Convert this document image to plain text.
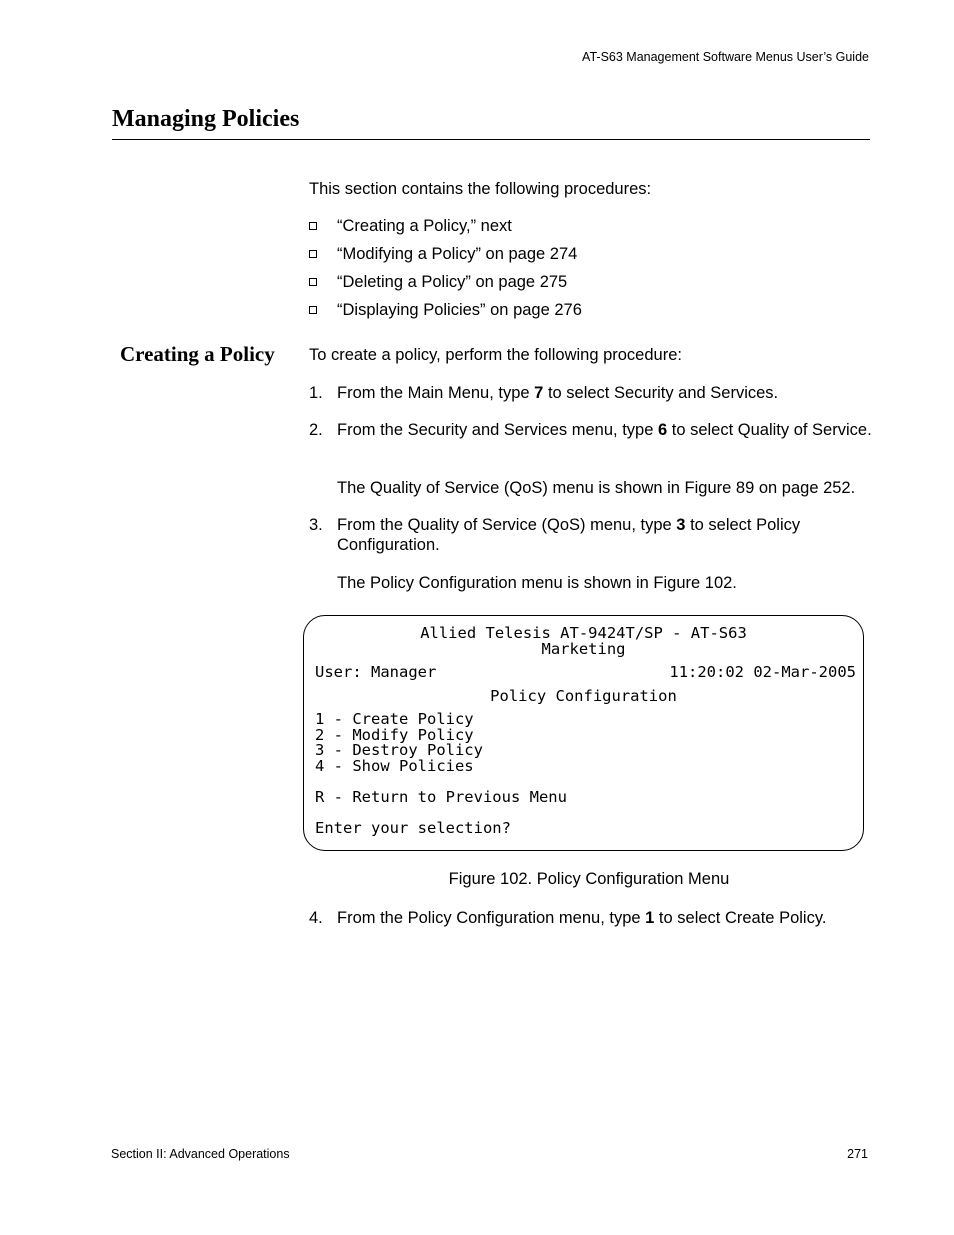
AT-S63 Management Software Menus User’s Guide
Managing Policies
This section contains the following procedures:
“Creating a Policy,” next
“Modifying a Policy” on page 274
“Deleting a Policy” on page 275
“Displaying Policies” on page 276
Creating a Policy To create a policy, perform the following procedure:
1. From the Main Menu, type 7 to select Security and Services.
2. From the Security and Services menu, type 6 to select Quality of Service.
The Quality of Service (QoS) menu is shown in Figure 89 on page 252.
3. From the Quality of Service (QoS) menu, type 3 to select Policy Configuration.
The Policy Configuration menu is shown in Figure 102.
Allied Telesis AT-9424T/SP - AT-S63
Marketing
User: Manager	11:20:02 02-Mar-2005
Policy Configuration
1 - Create Policy
2 - Modify Policy
3 - Destroy Policy
4 - Show Policies
R - Return to Previous Menu
Enter your selection?
Figure 102. Policy Configuration Menu
4. From the Policy Configuration menu, type 1 to select Create Policy.
Section II: Advanced Operations	271
